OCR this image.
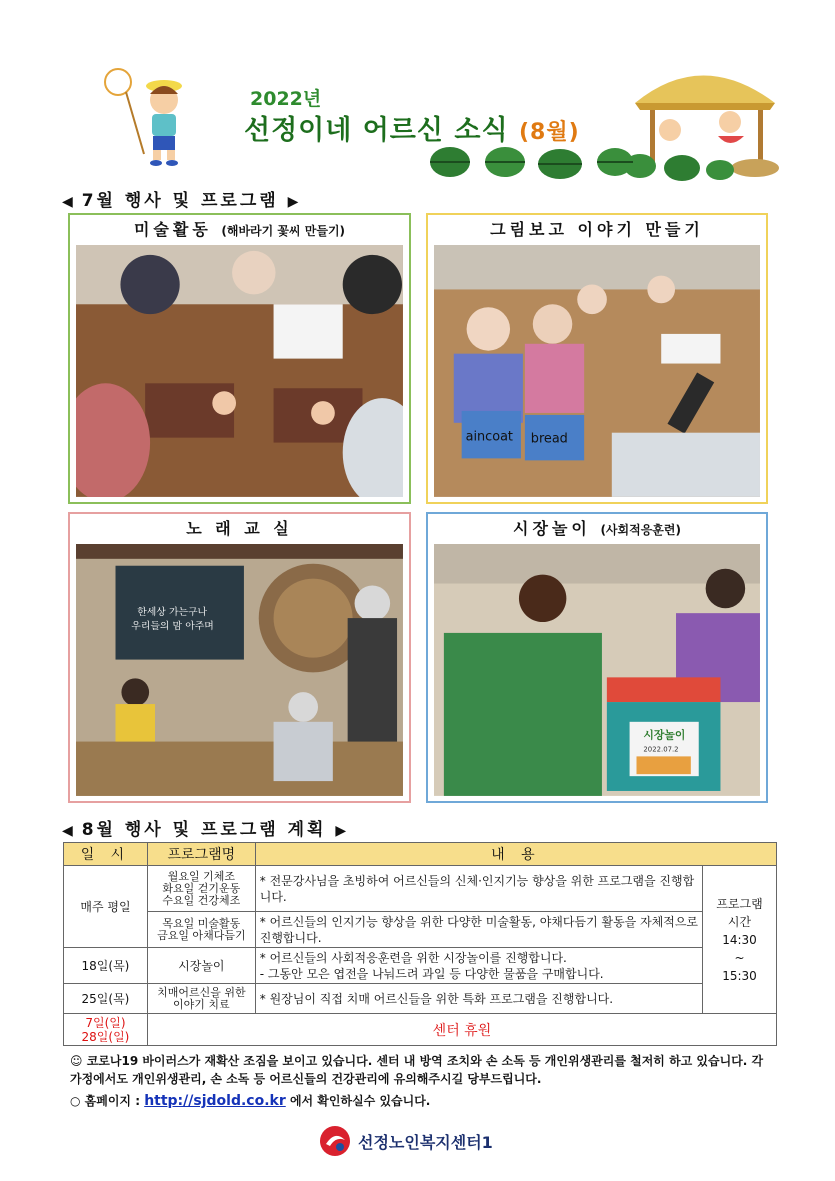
2022년
선정이네 어르신 소식 (8월)
◀ 7월 행사 및 프로그램 ▶
미술활동 (해바라기 꽃씨 만들기)	그림보고 이야기 만들기
aincoat bread
노 래 교 실
한세상 가는구나
우리들의 맘 아주며
시장놀이 (사회적응훈련)
시장놀이
2022.07.2
◀ 8월 행사 및 프로그램 계획 ▶
일 시	프로그램명	내 용	
매주 평일	월요일 기체조
화요일 걷기운동
수요일 건강체조	* 전문강사님을 초빙하여 어르신들의 신체·인지기능 향상을 위한 프로그램을 진행합니다.	프로그램
시간
14:30
~
15:30
	목요일 미술활동
금요일 아채다듬기	* 어르신들의 인지기능 향상을 위한 다양한 미술활동, 야채다듬기 활동을 자체적으로 진행합니다.	
18일(목)	시장놀이	* 어르신들의 사회적응훈련을 위한 시장놀이를 진행합니다.
- 그동안 모은 엽전을 나눠드려 과일 등 다양한 물품을 구매합니다.	
25일(목)	치매어르신을 위한
이야기 치료	* 원장님이 직접 치매 어르신들을 위한 특화 프로그램을 진행합니다.	
7일(일)
28일(일)	센터 휴원		
☺ 코로나19 바이러스가 재확산 조짐을 보이고 있습니다. 센터 내 방역 조치와 손 소독 등 개인위생관리를 철저히 하고 있습니다. 각 가정에서도 개인위생관리, 손 소독 등 어르신들의 건강관리에 유의해주시길 당부드립니다.
○ 홈페이지 : http://sjdold.co.kr 에서 확인하실수 있습니다.
선정노인복지센터1
